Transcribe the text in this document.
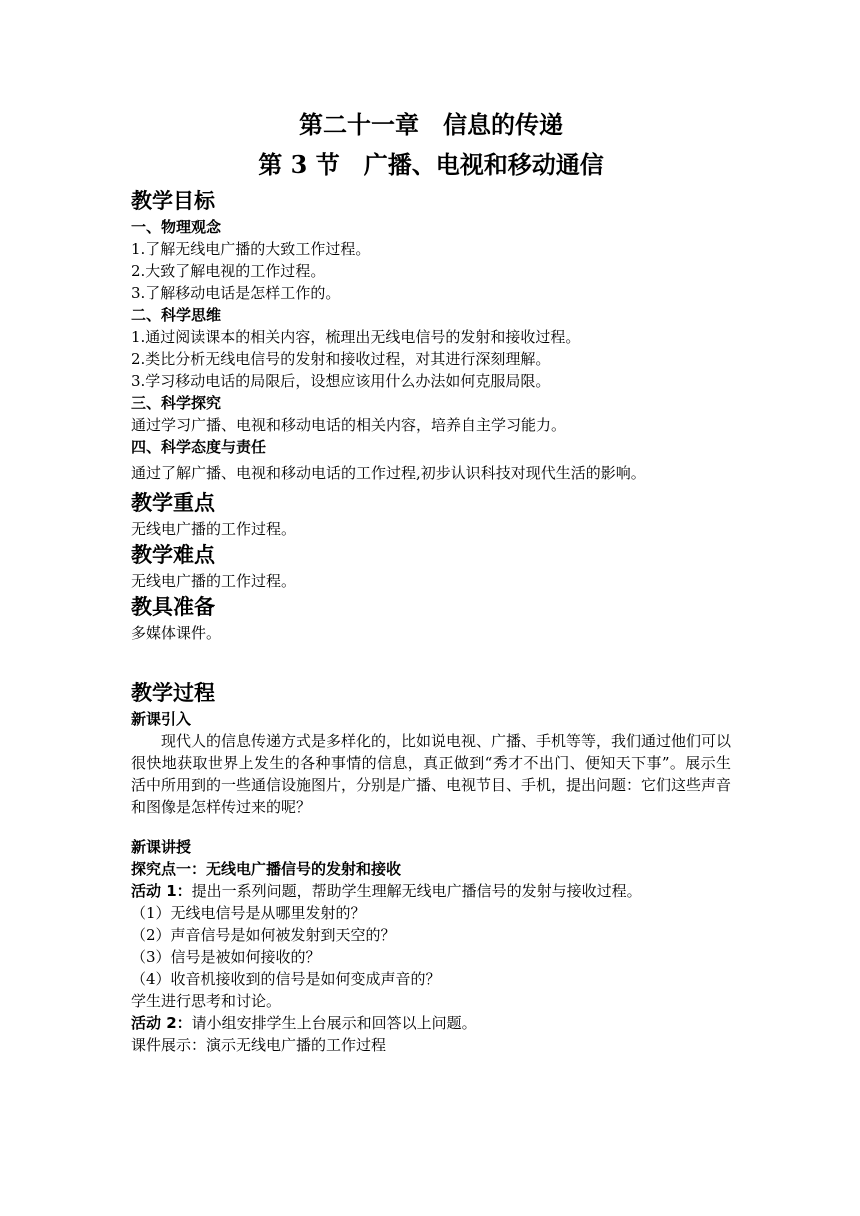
第二十一章　信息的传递
第 3 节　广播、电视和移动通信
教学目标
一、物理观念
1.了解无线电广播的大致工作过程。
2.大致了解电视的工作过程。
3.了解移动电话是怎样工作的。
二、科学思维
1.通过阅读课本的相关内容，梳理出无线电信号的发射和接收过程。
2.类比分析无线电信号的发射和接收过程，对其进行深刻理解。
3.学习移动电话的局限后，设想应该用什么办法如何克服局限。
三、科学探究
通过学习广播、电视和移动电话的相关内容，培养自主学习能力。
四、科学态度与责任
通过了解广播、电视和移动电话的工作过程,初步认识科技对现代生活的影响。
教学重点
无线电广播的工作过程。
教学难点
无线电广播的工作过程。
教具准备
多媒体课件。
教学过程
新课引入
现代人的信息传递方式是多样化的，比如说电视、广播、手机等等，我们通过他们可以很快地获取世界上发生的各种事情的信息，真正做到“秀才不出门、便知天下事”。展示生活中所用到的一些通信设施图片，分别是广播、电视节目、手机，提出问题：它们这些声音和图像是怎样传过来的呢？
新课讲授
探究点一：无线电广播信号的发射和接收
活动 1：提出一系列问题，帮助学生理解无线电广播信号的发射与接收过程。
（1）无线电信号是从哪里发射的？
（2）声音信号是如何被发射到天空的？
（3）信号是被如何接收的？
（4）收音机接收到的信号是如何变成声音的？
学生进行思考和讨论。
活动 2：请小组安排学生上台展示和回答以上问题。
课件展示：演示无线电广播的工作过程
